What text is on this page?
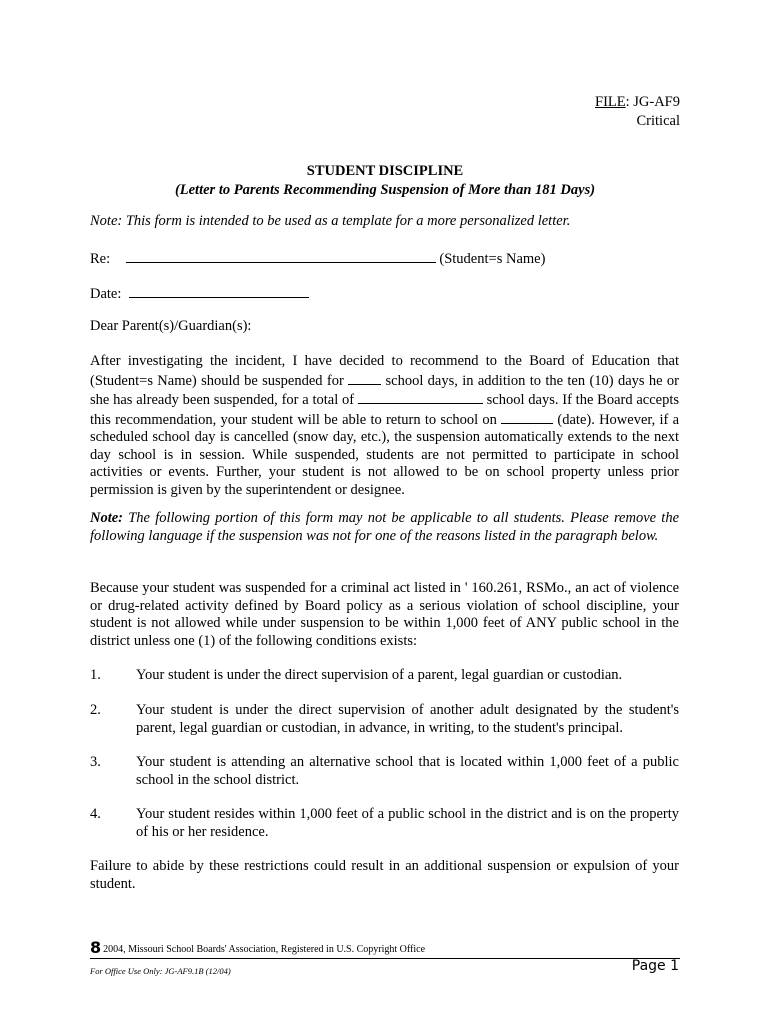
FILE: JG-AF9
Critical
STUDENT DISCIPLINE
(Letter to Parents Recommending Suspension of More than 181 Days)
Note: This form is intended to be used as a template for a more personalized letter.
Re:	(Student=s Name)
Date:
Dear Parent(s)/Guardian(s):
After investigating the incident, I have decided to recommend to the Board of Education that (Student=s Name) should be suspended for	school days, in addition to the ten (10) days he or she has already been suspended, for a total of	school days. If the Board accepts this recommendation, your student will be able to return to school on	(date). However, if a scheduled school day is cancelled (snow day, etc.), the suspension automatically extends to the next day school is in session. While suspended, students are not permitted to participate in school activities or events. Further, your student is not allowed to be on school property unless prior permission is given by the superintendent or designee.
Note: The following portion of this form may not be applicable to all students. Please remove the following language if the suspension was not for one of the reasons listed in the paragraph below.
Because your student was suspended for a criminal act listed in ' 160.261, RSMo., an act of violence or drug-related activity defined by Board policy as a serious violation of school discipline, your student is not allowed while under suspension to be within 1,000 feet of ANY public school in the district unless one (1) of the following conditions exists:
1. Your student is under the direct supervision of a parent, legal guardian or custodian.
2. Your student is under the direct supervision of another adult designated by the student's parent, legal guardian or custodian, in advance, in writing, to the student's principal.
3. Your student is attending an alternative school that is located within 1,000 feet of a public school in the school district.
4. Your student resides within 1,000 feet of a public school in the district and is on the property of his or her residence.
Failure to abide by these restrictions could result in an additional suspension or expulsion of your student.
8 2004, Missouri School Boards' Association, Registered in U.S. Copyright Office
For Office Use Only: JG-AF9.1B (12/04)	Page 1
